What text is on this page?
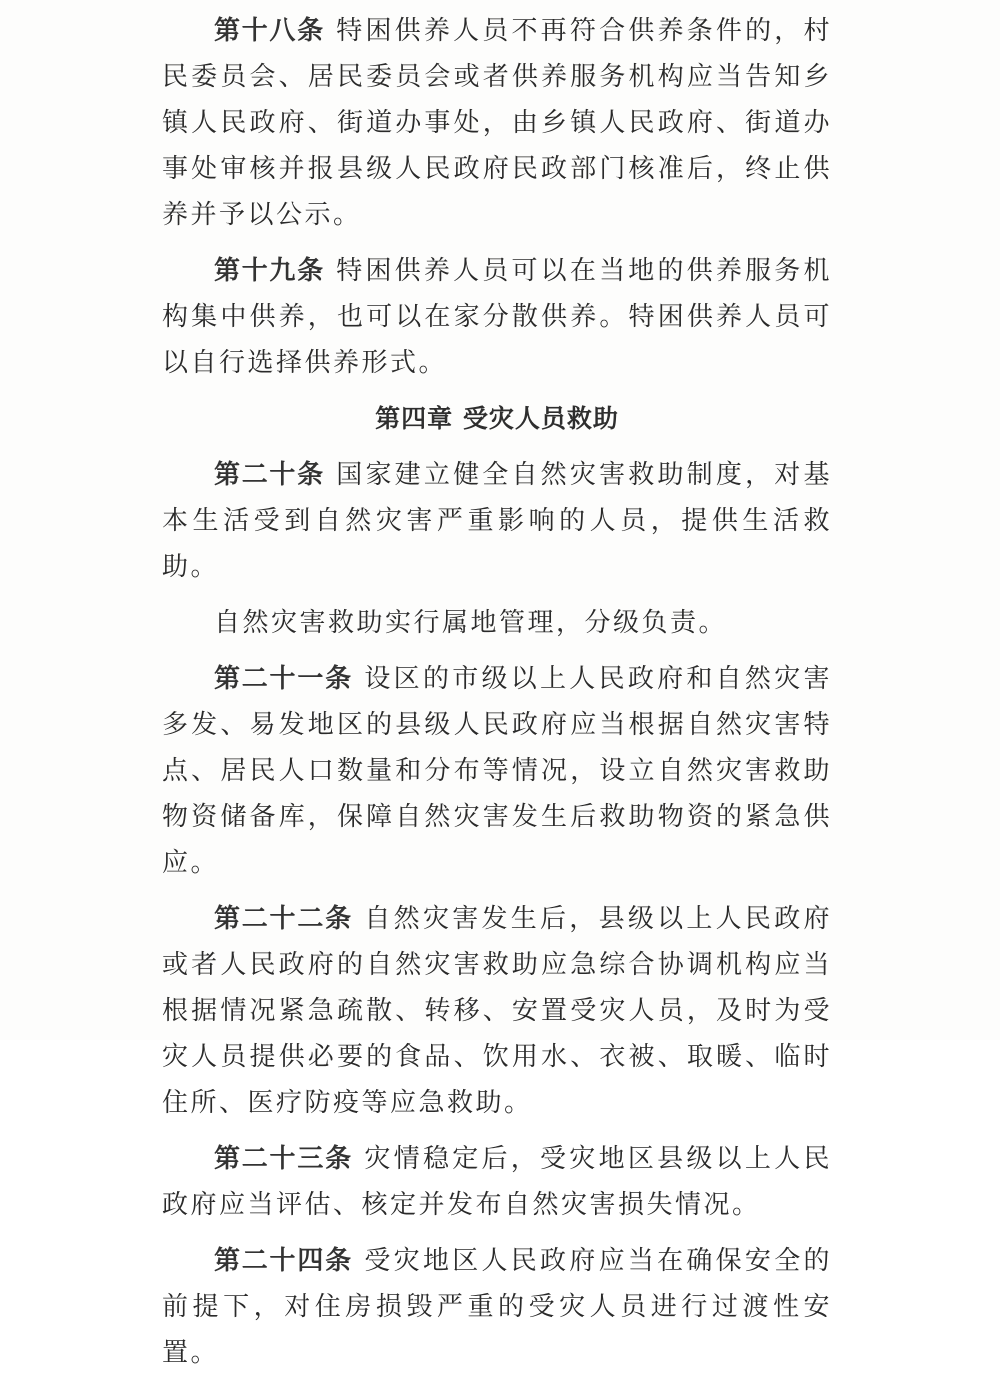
第十八条 特困供养人员不再符合供养条件的，村民委员会、居民委员会或者供养服务机构应当告知乡镇人民政府、街道办事处，由乡镇人民政府、街道办事处审核并报县级人民政府民政部门核准后，终止供养并予以公示。

第十九条 特困供养人员可以在当地的供养服务机构集中供养，也可以在家分散供养。特困供养人员可以自行选择供养形式。

第四章 受灾人员救助

第二十条 国家建立健全自然灾害救助制度，对基本生活受到自然灾害严重影响的人员，提供生活救助。

自然灾害救助实行属地管理，分级负责。

第二十一条 设区的市级以上人民政府和自然灾害多发、易发地区的县级人民政府应当根据自然灾害特点、居民人口数量和分布等情况，设立自然灾害救助物资储备库，保障自然灾害发生后救助物资的紧急供应。

第二十二条 自然灾害发生后，县级以上人民政府或者人民政府的自然灾害救助应急综合协调机构应当根据情况紧急疏散、转移、安置受灾人员，及时为受灾人员提供必要的食品、饮用水、衣被、取暖、临时住所、医疗防疫等应急救助。

第二十三条 灾情稳定后，受灾地区县级以上人民政府应当评估、核定并发布自然灾害损失情况。

第二十四条 受灾地区人民政府应当在确保安全的前提下，对住房损毁严重的受灾人员进行过渡性安置。
